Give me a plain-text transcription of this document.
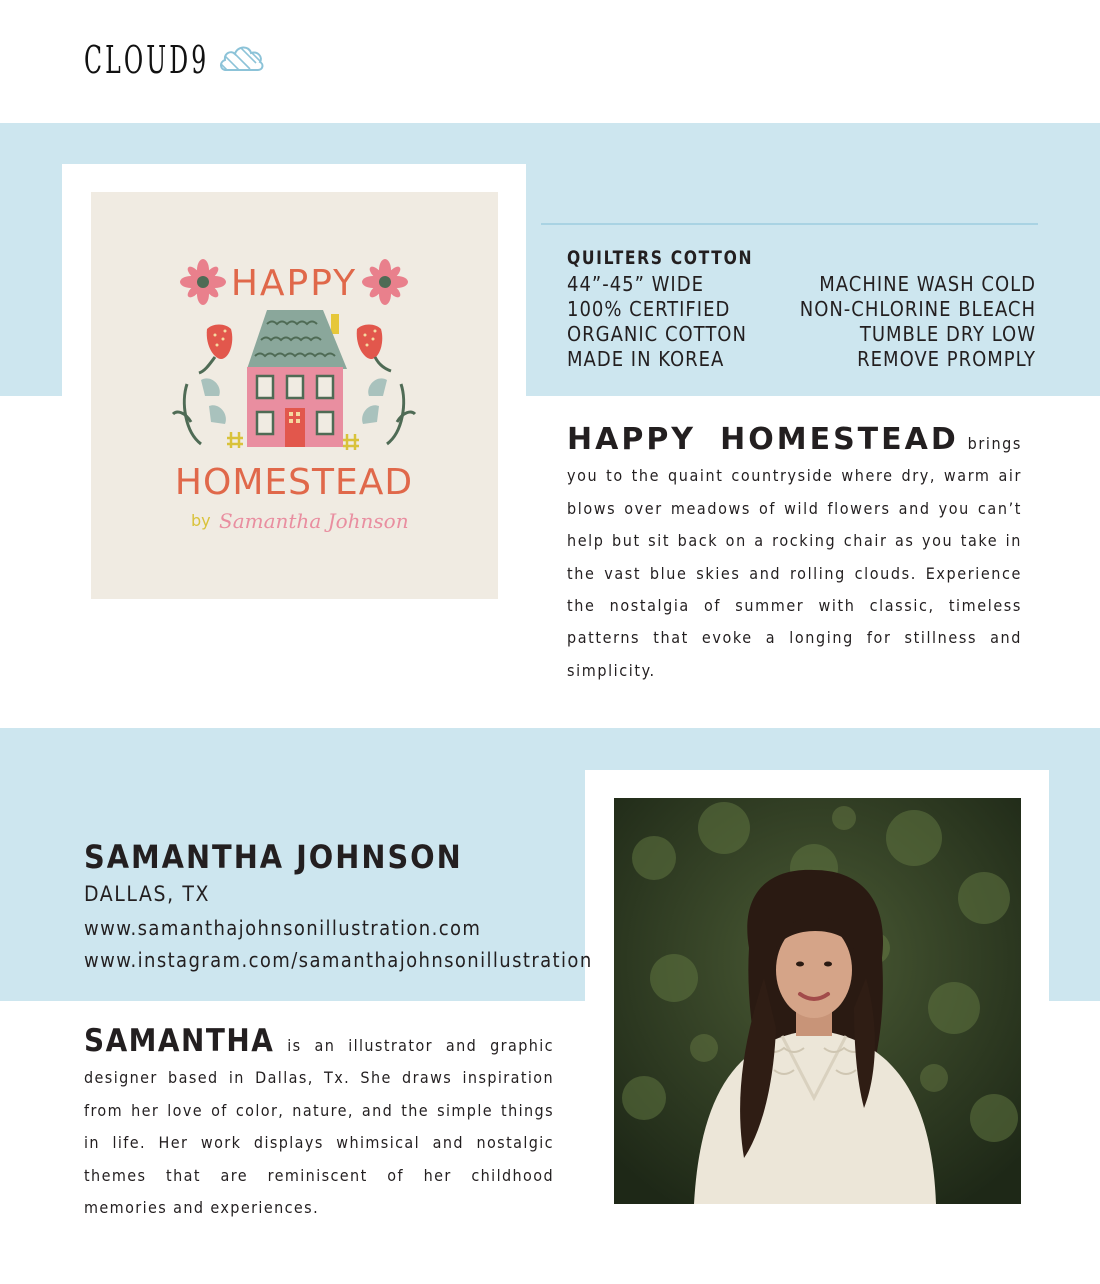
CLOUD9
HAPPY
HOMESTEAD
by Samantha Johnson
QUILTERS COTTON
44”-45” WIDE
100% CERTIFIED
ORGANIC COTTON
MADE IN KOREA
MACHINE WASH COLD
NON-CHLORINE BLEACH
TUMBLE DRY LOW
REMOVE PROMPLY

HAPPY HOMESTEAD brings you to the quaint countryside where dry, warm air blows over meadows of wild flowers and you can’t help but sit back on a rocking chair as you take in the vast blue skies and rolling clouds. Experience the nostalgia of summer with classic, timeless patterns that evoke a longing for stillness and simplicity.

SAMANTHA JOHNSON
DALLAS, TX
www.samanthajohnsonillustration.com
www.instagram.com/samanthajohnsonillustration

SAMANTHA is an illustrator and graphic designer based in Dallas, Tx. She draws inspiration from her love of color, nature, and the simple things in life. Her work displays whimsical and nostalgic themes that are reminiscent of her childhood memories and experiences.
